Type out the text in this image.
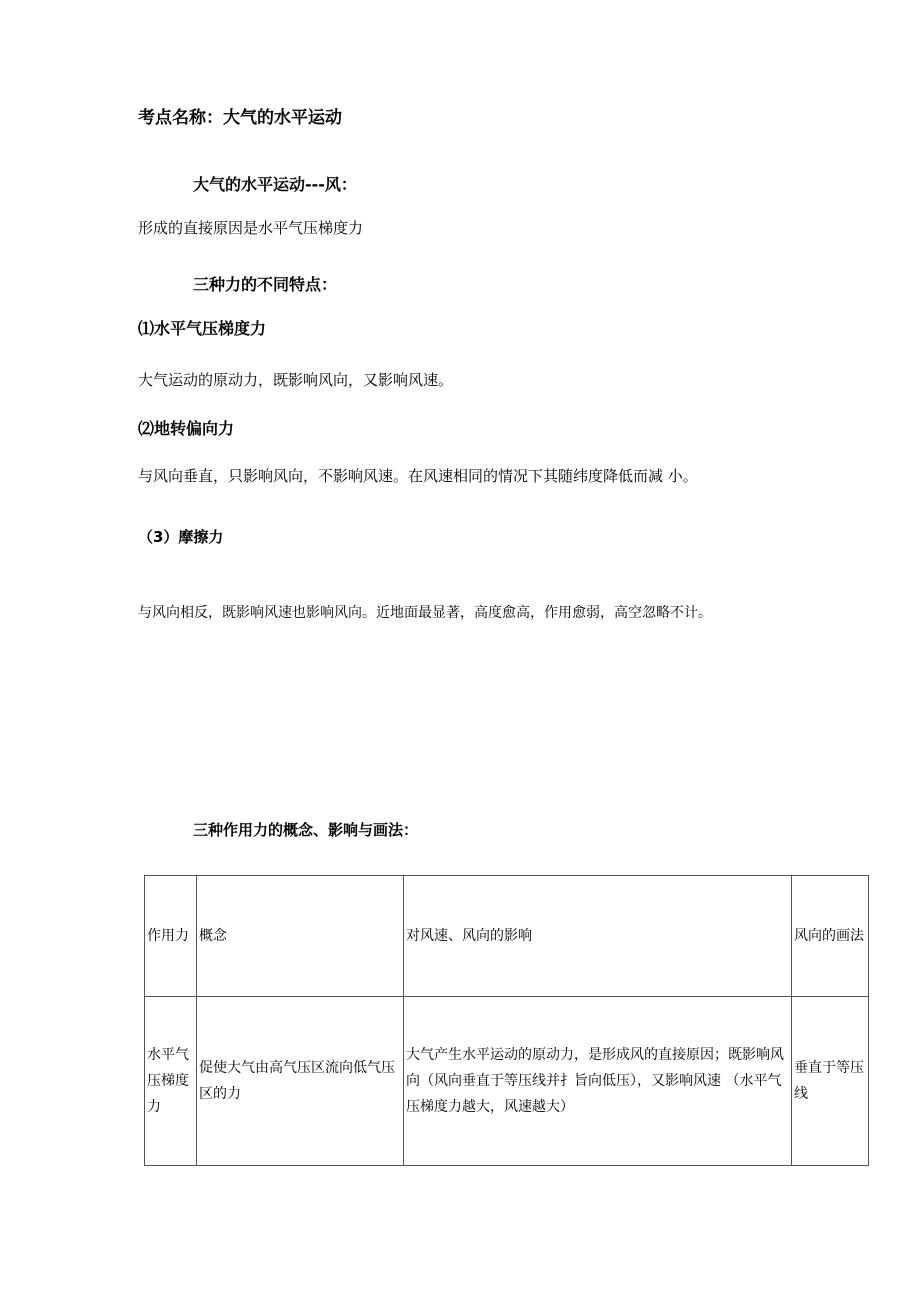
考点名称：大气的水平运动
大气的水平运动---风：
形成的直接原因是水平气压梯度力
三种力的不同特点：
⑴水平气压梯度力
大气运动的原动力，既影响风向，又影响风速。
⑵地转偏向力
与风向垂直，只影响风向，不影响风速。在风速相同的情况下其随纬度降低而减 小。
（3）摩擦力
与风向相反，既影响风速也影响风向。近地面最显著，高度愈高，作用愈弱，高空忽略不计。
三种作用力的概念、影响与画法：
作用力	概念	对风速、风向的影响	风向的画法
水平气压梯度力	促使大气由高气压区流向低气压区的力	大气产生水平运动的原动力，是形成风的直接原因；既影响风向（风向垂直于等压线并扌旨向低压），又影响风速 （水平气压梯度力越大，风速越大）	垂直于等压线
